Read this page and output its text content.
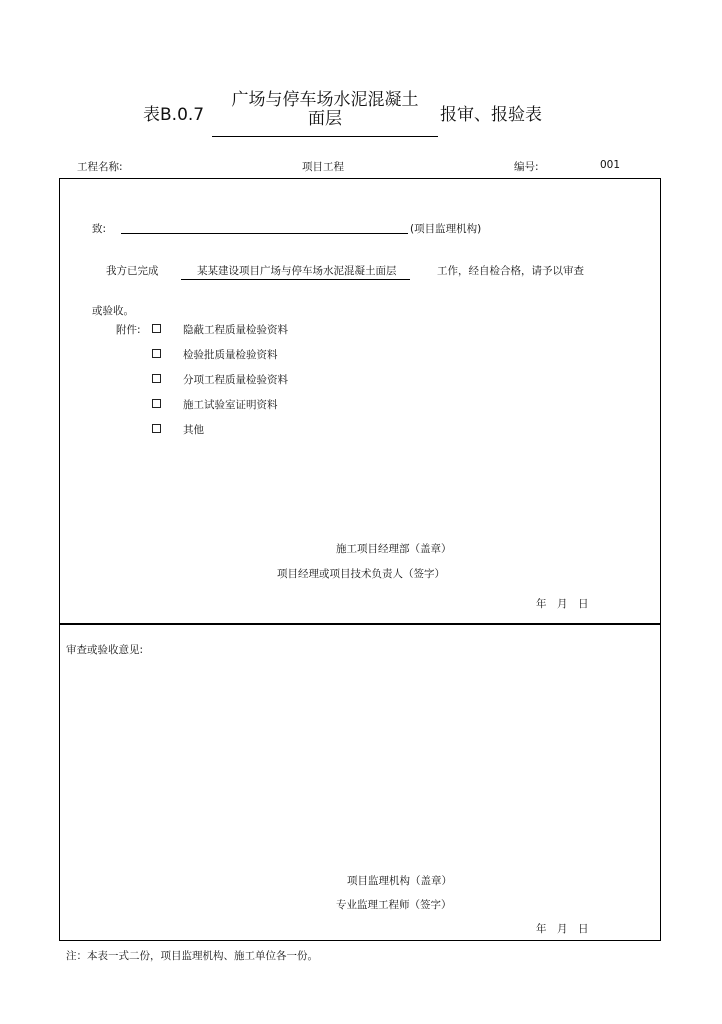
表B.0.7
广场与停车场水泥混凝土
面层	报审、报验表
工程名称:	项目工程	编号:	001
致:	(项目监理机构)
我方已完成	某某建设项目广场与停车场水泥混凝土面层	工作，经自检合格，请予以审查
或验收。
附件:	隐蔽工程质量检验资料
检验批质量检验资料
分项工程质量检验资料
施工试验室证明资料
其他
施工项目经理部（盖章）
项目经理或项目技术负责人（签字）
年　月　日
审查或验收意见:
项目监理机构（盖章）
专业监理工程师（签字）
年　月　日
注：本表一式二份，项目监理机构、施工单位各一份。
